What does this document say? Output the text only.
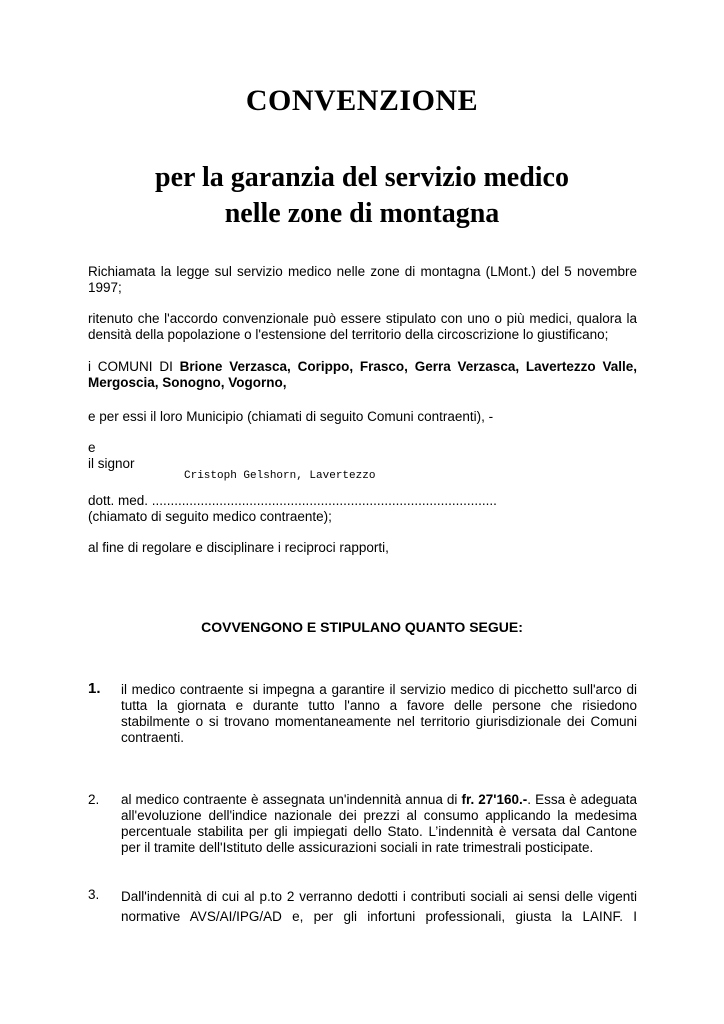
CONVENZIONE
per la garanzia del servizio medico
nelle zone di montagna
Richiamata la legge sul servizio medico nelle zone di montagna (LMont.) del 5 novembre 1997;
ritenuto che l'accordo convenzionale può essere stipulato con uno o più medici, qualora la densità della popolazione o l'estensione del territorio della circoscrizione lo giustificano;
i COMUNI DI Brione Verzasca, Corippo, Frasco, Gerra Verzasca, Lavertezzo Valle, Mergoscia, Sonogno, Vogorno,
e per essi il loro Municipio (chiamati di seguito Comuni contraenti), -
e
il signor
Cristoph Gelshorn, Lavertezzo
dott. med. ............................................................................................
(chiamato di seguito medico contraente);
al fine di regolare e disciplinare i reciproci rapporti,
COVVENGONO E STIPULANO QUANTO SEGUE:
1. il medico contraente si impegna a garantire il servizio medico di picchetto sull'arco di tutta la giornata e durante tutto l'anno a favore delle persone che risiedono stabilmente o si trovano momentaneamente nel territorio giurisdizionale dei Comuni contraenti.
2. al medico contraente è assegnata un'indennità annua di fr. 27'160.-. Essa è adeguata all'evoluzione dell'indice nazionale dei prezzi al consumo applicando la medesima percentuale stabilita per gli impiegati dello Stato. L’indennità è versata dal Cantone per il tramite dell'Istituto delle assicurazioni sociali in rate trimestrali posticipate.
3. Dall'indennità di cui al p.to 2 verranno dedotti i contributi sociali ai sensi delle vigenti normative AVS/AI/IPG/AD e, per gli infortuni professionali, giusta la LAINF. I
